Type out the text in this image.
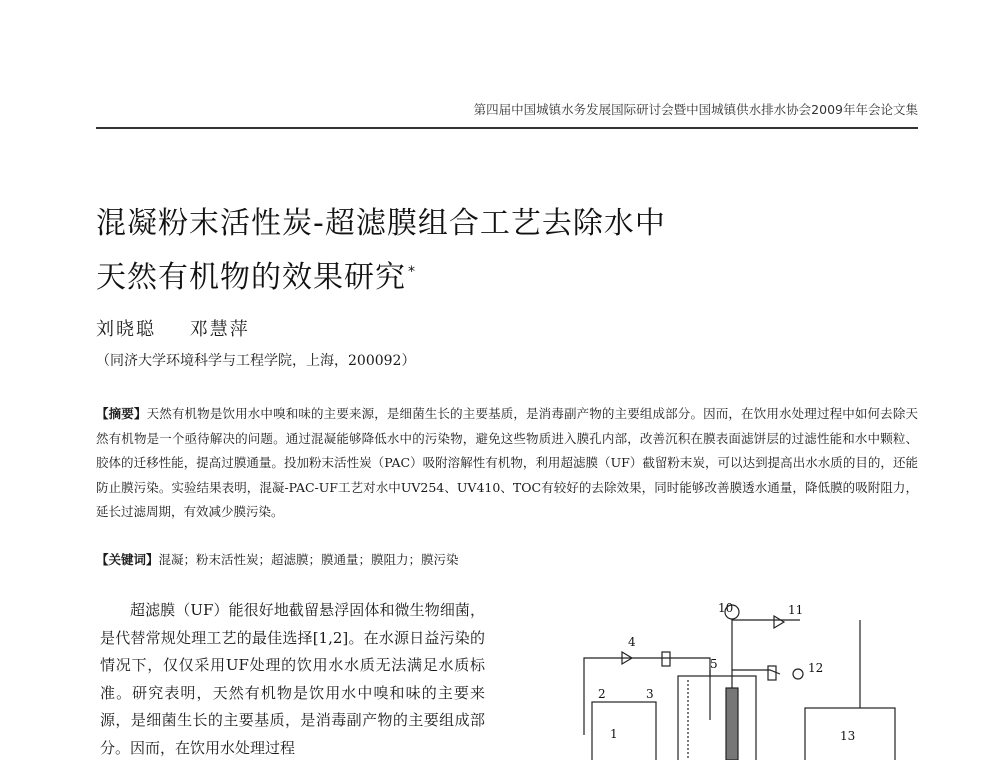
第四届中国城镇水务发展国际研讨会暨中国城镇供水排水协会2009年年会论文集
混凝粉末活性炭-超滤膜组合工艺去除水中
天然有机物的效果研究 *
刘晓聪 邓慧萍
（同济大学环境科学与工程学院，上海，200092）
【摘要】天然有机物是饮用水中嗅和味的主要来源，是细菌生长的主要基质，是消毒副产物的主要组成部分。因而，在饮用水处理过程中如何去除天然有机物是一个亟待解决的问题。通过混凝能够降低水中的污染物，避免这些物质进入膜孔内部，改善沉积在膜表面滤饼层的过滤性能和水中颗粒、胶体的迁移性能，提高过膜通量。投加粉末活性炭（PAC）吸附溶解性有机物，利用超滤膜（UF）截留粉末炭，可以达到提高出水水质的目的，还能防止膜污染。实验结果表明，混凝-PAC-UF工艺对水中UV254、UV410、TOC有较好的去除效果，同时能够改善膜透水通量，降低膜的吸附阻力，延长过滤周期，有效减少膜污染。
【关键词】混凝；粉末活性炭；超滤膜；膜通量；膜阻力；膜污染

超滤膜（UF）能很好地截留悬浮固体和微生物细菌，是代替常规处理工艺的最佳选择[1,2]。在水源日益污染的情况下，仅仅采用UF处理的饮用水水质无法满足水质标准。研究表明，天然有机物是饮用水中嗅和味的主要来源，是细菌生长的主要基质，是消毒副产物的主要组成部分。因而，在饮用水处理过程

1
2	3
4
5
10	11
12
13
